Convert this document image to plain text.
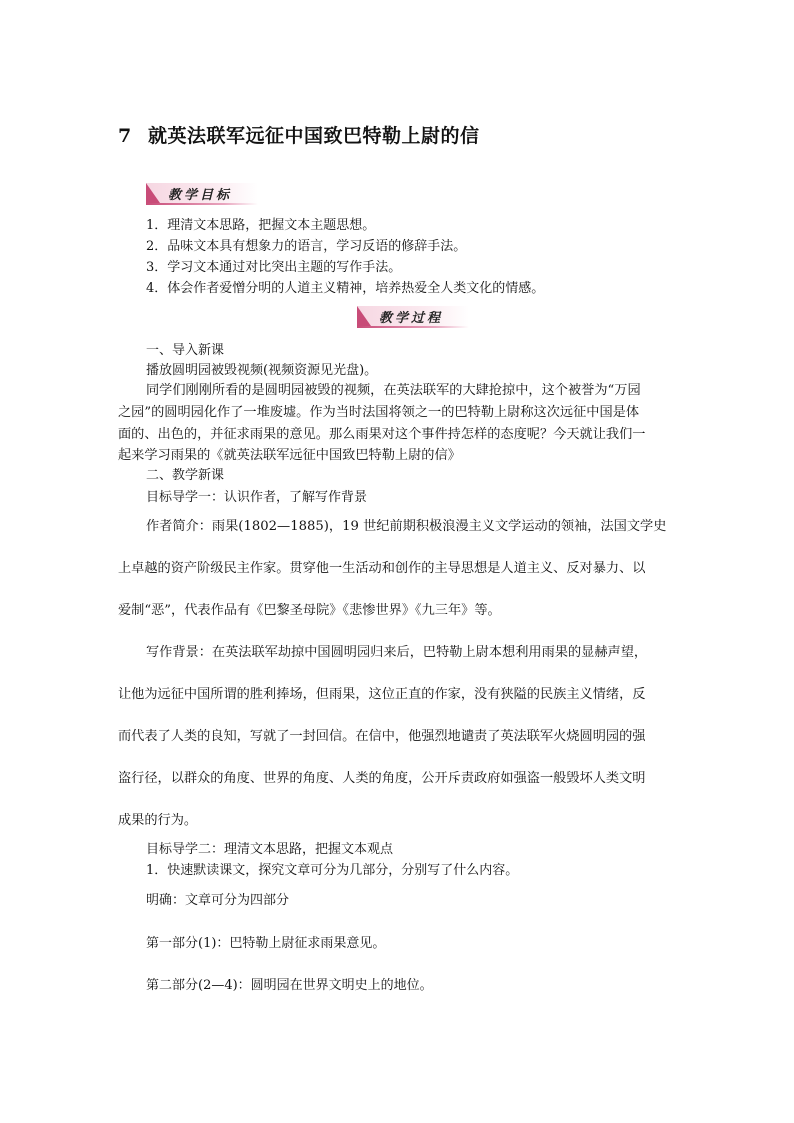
7 就英法联军远征中国致巴特勒上尉的信
教学目标
1．理清文本思路，把握文本主题思想。
2．品味文本具有想象力的语言，学习反语的修辞手法。
3．学习文本通过对比突出主题的写作手法。
4．体会作者爱憎分明的人道主义精神，培养热爱全人类文化的情感。
教学过程
一、导入新课
播放圆明园被毁视频(视频资源见光盘)。
同学们刚刚所看的是圆明园被毁的视频，在英法联军的大肆抢掠中，这个被誉为“万园
之园”的圆明园化作了一堆废墟。作为当时法国将领之一的巴特勒上尉称这次远征中国是体
面的、出色的，并征求雨果的意见。那么雨果对这个事件持怎样的态度呢？今天就让我们一
起来学习雨果的《就英法联军远征中国致巴特勒上尉的信》
二、教学新课
目标导学一：认识作者，了解写作背景
作者简介：雨果(1802—1885)，19 世纪前期积极浪漫主义文学运动的领袖，法国文学史
上卓越的资产阶级民主作家。贯穿他一生活动和创作的主导思想是人道主义、反对暴力、以
爱制“恶”，代表作品有《巴黎圣母院》《悲惨世界》《九三年》等。
写作背景：在英法联军劫掠中国圆明园归来后，巴特勒上尉本想利用雨果的显赫声望，
让他为远征中国所谓的胜利捧场，但雨果，这位正直的作家，没有狭隘的民族主义情绪，反
而代表了人类的良知，写就了一封回信。在信中，他强烈地谴责了英法联军火烧圆明园的强
盗行径，以群众的角度、世界的角度、人类的角度，公开斥责政府如强盗一般毁坏人类文明
成果的行为。
目标导学二：理清文本思路，把握文本观点
1．快速默读课文，探究文章可分为几部分，分别写了什么内容。
明确：文章可分为四部分
第一部分(1)：巴特勒上尉征求雨果意见。
第二部分(2—4)：圆明园在世界文明史上的地位。
